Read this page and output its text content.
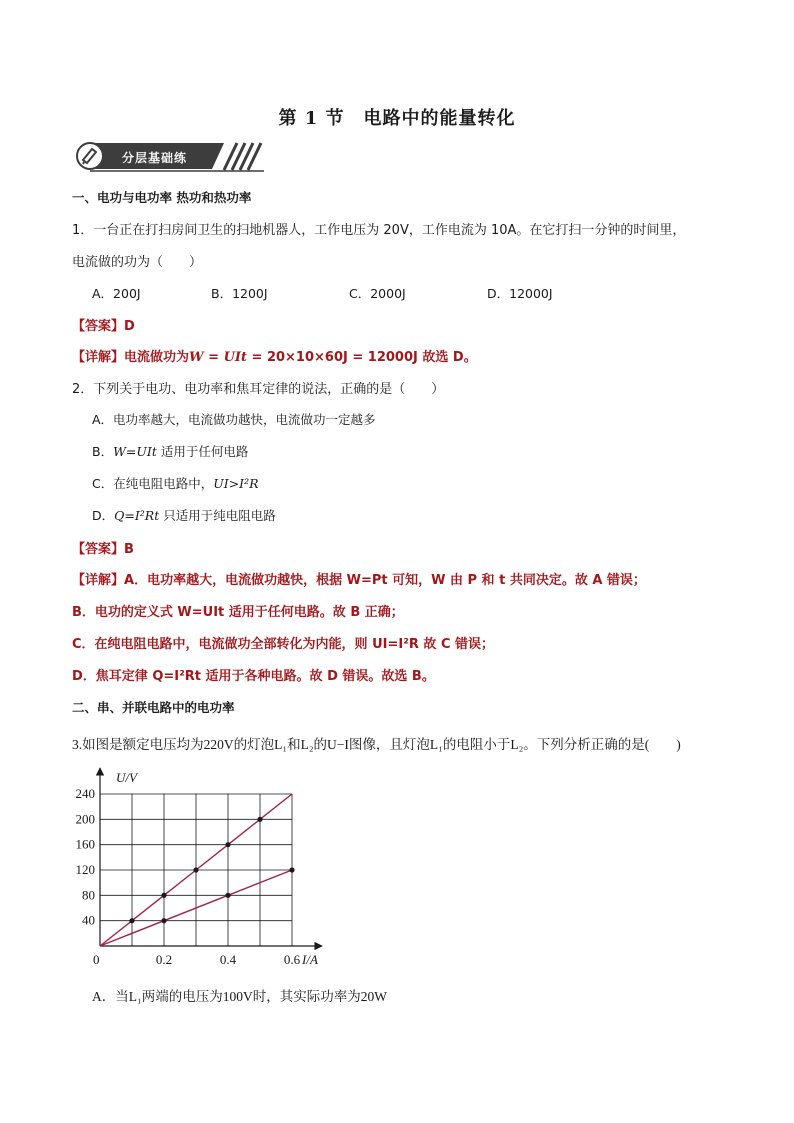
第 1 节　电路中的能量转化
分层基础练
一、电功与电功率 热功和热功率
1．一台正在打扫房间卫生的扫地机器人，工作电压为 20V，工作电流为 10A。在它打扫一分钟的时间里，
电流做的功为（　　）
A．200J	B．1200J	C．2000J	D．12000J
【答案】D
【详解】电流做功为W = UIt = 20×10×60J = 12000J 故选 D。
2．下列关于电功、电功率和焦耳定律的说法，正确的是（　　）
A．电功率越大，电流做功越快，电流做功一定越多
B．W=UIt 适用于任何电路
C．在纯电阻电路中，UI>I²R
D．Q=I²Rt 只适用于纯电阻电路
【答案】B
【详解】A．电功率越大，电流做功越快，根据 W=Pt 可知，W 由 P 和 t 共同决定。故 A 错误；
B．电功的定义式 W=UIt 适用于任何电路。故 B 正确；
C．在纯电阻电路中，电流做功全部转化为内能，则 UI=I²R 故 C 错误；
D．焦耳定律 Q=I²Rt 适用于各种电路。故 D 错误。故选 B。
二、串、并联电路中的电功率
3.如图是额定电压均为220V的灯泡L₁和L₂的U−I图像，且灯泡L₁的电阻小于L₂。下列分析正确的是(　　)
40
80
120
160
200
240
0.2	0.4	0.6
U/V
I/A
0
A．当L₁两端的电压为100V时，其实际功率为20W
